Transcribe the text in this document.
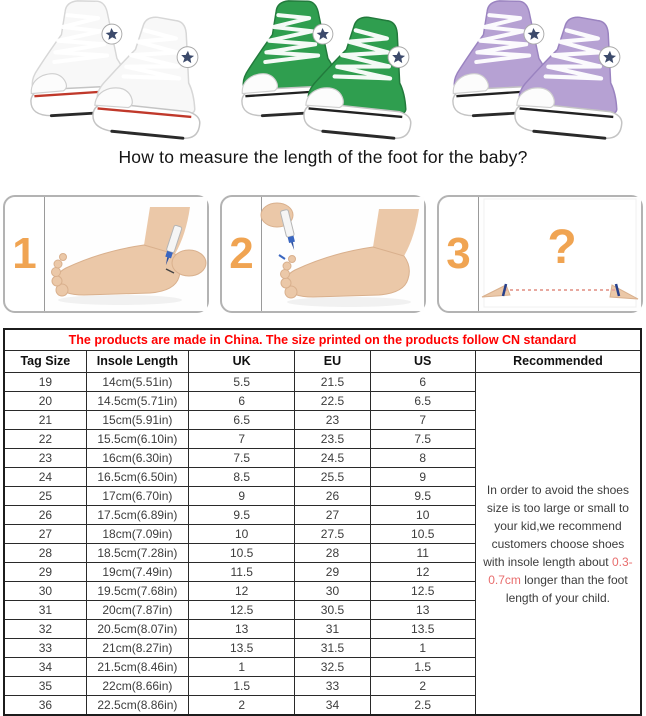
How to measure the length of the foot for the baby?
1	2	3 ?
The products are made in China. The size printed on the products follow CN standard					
Tag Size	Insole Length	UK	EU	US	Recommended
19	14cm(5.51in)	5.5	21.5	6	In order to avoid the shoes size is too large or small to your kid,we recommend customers choose shoes with insole length about 0.3-0.7cm longer than the foot length of your child.
20	14.5cm(5.71in)	6	22.5	6.5	
21	15cm(5.91in)	6.5	23	7	
22	15.5cm(6.10in)	7	23.5	7.5	
23	16cm(6.30in)	7.5	24.5	8	
24	16.5cm(6.50in)	8.5	25.5	9	
25	17cm(6.70in)	9	26	9.5	
26	17.5cm(6.89in)	9.5	27	10	
27	18cm(7.09in)	10	27.5	10.5	
28	18.5cm(7.28in)	10.5	28	11	
29	19cm(7.49in)	11.5	29	12	
30	19.5cm(7.68in)	12	30	12.5	
31	20cm(7.87in)	12.5	30.5	13	
32	20.5cm(8.07in)	13	31	13.5	
33	21cm(8.27in)	13.5	31.5	1	
34	21.5cm(8.46in)	1	32.5	1.5	
35	22cm(8.66in)	1.5	33	2	
36	22.5cm(8.86in)	2	34	2.5	
